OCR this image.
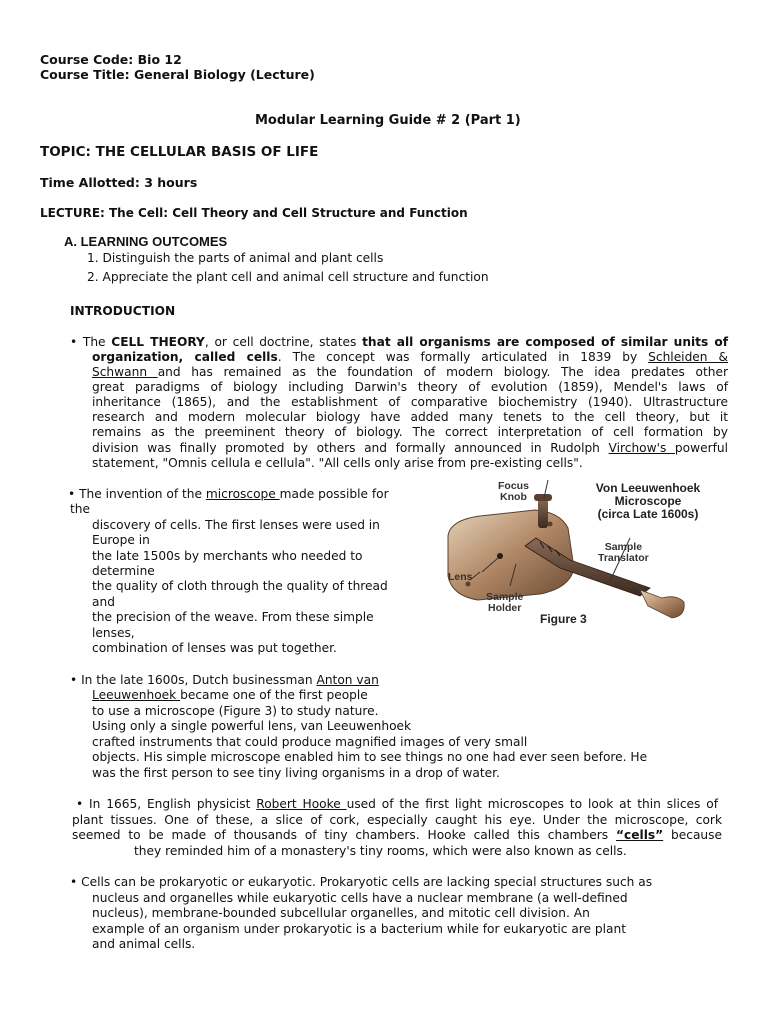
Course Code: Bio 12
Course Title: General Biology (Lecture)
Modular Learning Guide # 2 (Part 1)
TOPIC: THE CELLULAR BASIS OF LIFE
Time Allotted: 3 hours
LECTURE: The Cell: Cell Theory and Cell Structure and Function
A. LEARNING OUTCOMES
1. Distinguish the parts of animal and plant cells
2. Appreciate the plant cell and animal cell structure and function
INTRODUCTION
• The CELL THEORY, or cell doctrine, states that all organisms are composed of similar units of
organization, called cells. The concept was formally articulated in 1839 by Schleiden &
Schwann and has remained as the foundation of modern biology. The idea predates other
great paradigms of biology including Darwin's theory of evolution (1859), Mendel's laws of
inheritance (1865), and the establishment of comparative biochemistry (1940). Ultrastructure
research and modern molecular biology have added many tenets to the cell theory, but it
remains as the preeminent theory of biology. The correct interpretation of cell formation by
division was finally promoted by others and formally announced in Rudolph Virchow's powerful
statement, "Omnis cellula e cellula". "All cells only arise from pre-existing cells".
• The invention of the microscope made possible for
the
discovery of cells. The first lenses were used in
Europe in
the late 1500s by merchants who needed to
determine
the quality of cloth through the quality of thread
and
the precision of the weave. From these simple
lenses,
combination of lenses was put together.
Focus
Knob
Von Leeuwenhoek
Microscope
(circa Late 1600s)
Sample
Translator
Lens
Sample
Holder
Figure 3
• In the late 1600s, Dutch businessman Anton van
Leeuwenhoek became one of the first people
to use a microscope (Figure 3) to study nature.
Using only a single powerful lens, van Leeuwenhoek
crafted instruments that could produce magnified images of very small
objects. His simple microscope enabled him to see things no one had ever seen before. He
was the first person to see tiny living organisms in a drop of water.
• In 1665, English physicist Robert Hooke used of the first light microscopes to look at thin slices of
plant tissues. One of these, a slice of cork, especially caught his eye. Under the microscope, cork
seemed to be made of thousands of tiny chambers. Hooke called this chambers “cells” because
they reminded him of a monastery's tiny rooms, which were also known as cells.
• Cells can be prokaryotic or eukaryotic. Prokaryotic cells are lacking special structures such as
nucleus and organelles while eukaryotic cells have a nuclear membrane (a well-defined
nucleus), membrane-bounded subcellular organelles, and mitotic cell division. An
example of an organism under prokaryotic is a bacterium while for eukaryotic are plant
and animal cells.
